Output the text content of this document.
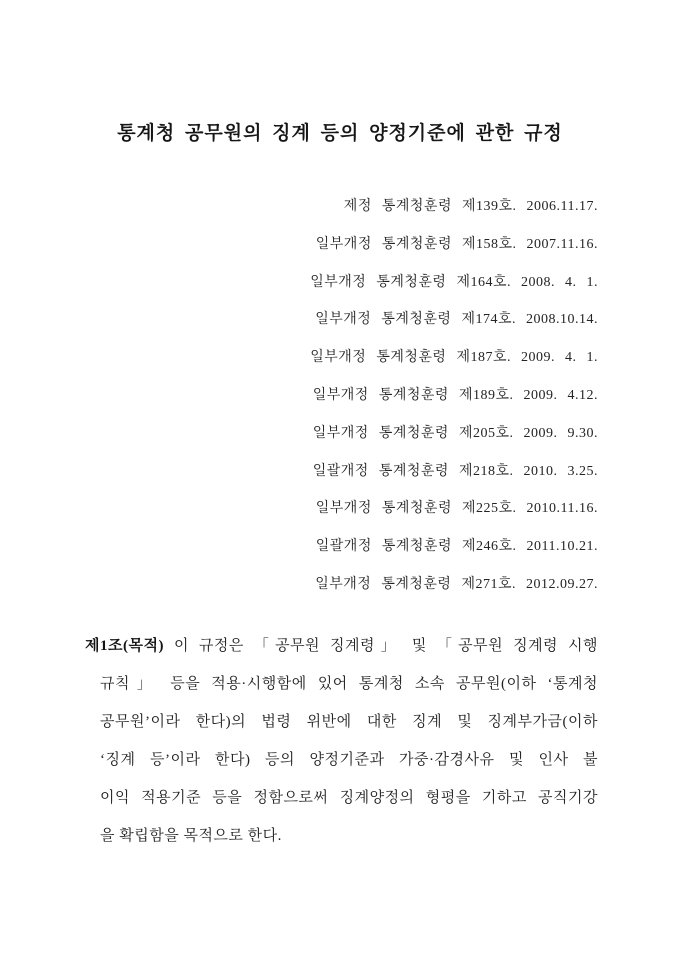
통계청 공무원의 징계 등의 양정기준에 관한 규정
제정 통계청훈령 제139호. 2006.11.17.
일부개정 통계청훈령 제158호. 2007.11.16.
일부개정 통계청훈령 제164호. 2008. 4. 1.
일부개정 통계청훈령 제174호. 2008.10.14.
일부개정 통계청훈령 제187호. 2009. 4. 1.
일부개정 통계청훈령 제189호. 2009. 4.12.
일부개정 통계청훈령 제205호. 2009. 9.30.
일괄개정 통계청훈령 제218호. 2010. 3.25.
일부개정 통계청훈령 제225호. 2010.11.16.
일괄개정 통계청훈령 제246호. 2011.10.21.
일부개정 통계청훈령 제271호. 2012.09.27.
제1조(목적) 이 규정은 「공무원 징계령」 및 「공무원 징계령 시행
규칙」 등을 적용·시행함에 있어 통계청 소속 공무원(이하 ‘통계청
공무원’이라 한다)의 법령 위반에 대한 징계 및 징계부가금(이하
‘징계 등’이라 한다) 등의 양정기준과 가중·감경사유 및 인사 불
이익 적용기준 등을 정함으로써 징계양정의 형평을 기하고 공직기강
을 확립함을 목적으로 한다.
